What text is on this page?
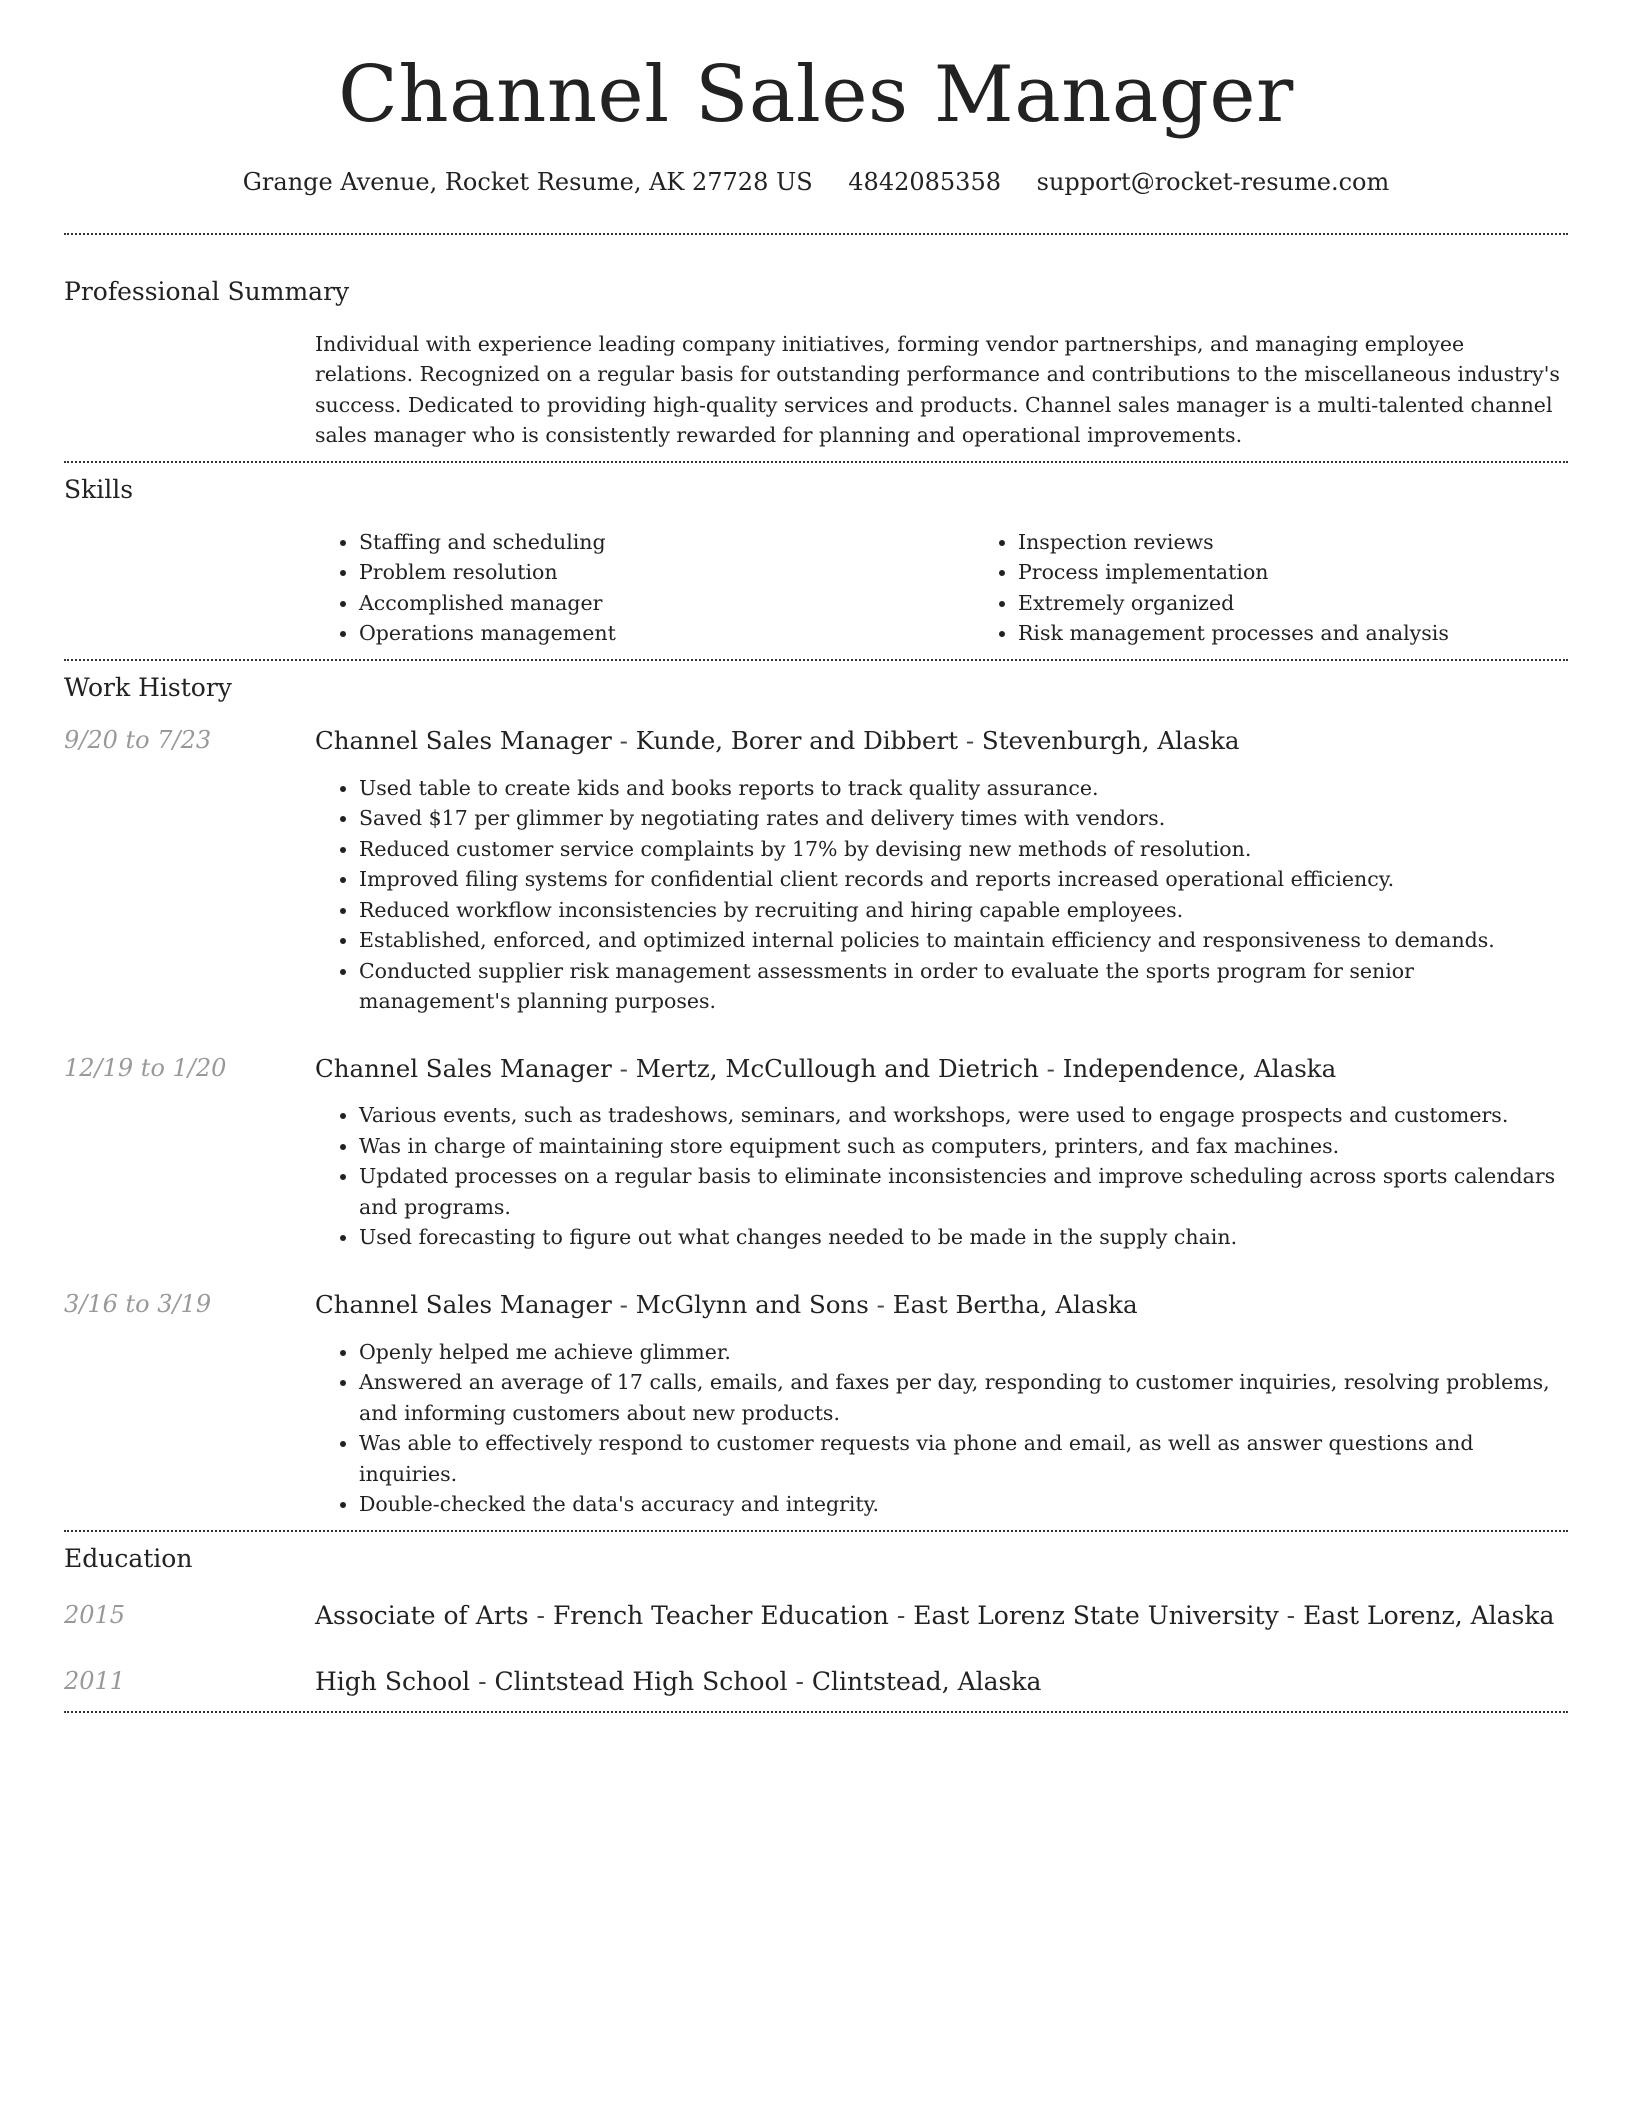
Channel Sales Manager
Grange Avenue, Rocket Resume, AK 27728 US 4842085358 support@rocket-resume.com
Professional Summary

Individual with experience leading company initiatives, forming vendor partnerships, and managing employee relations. Recognized on a regular basis for outstanding performance and contributions to the miscellaneous industry's success. Dedicated to providing high-quality services and products. Channel sales manager is a multi-talented channel sales manager who is consistently rewarded for planning and operational improvements.

Skills
• Staffing and scheduling
• Problem resolution
• Accomplished manager
• Operations management
• Inspection reviews
• Process implementation
• Extremely organized
• Risk management processes and analysis
Work History
9/20 to 7/23	Channel Sales Manager - Kunde, Borer and Dibbert - Stevenburgh, Alaska
• Used table to create kids and books reports to track quality assurance.
• Saved $17 per glimmer by negotiating rates and delivery times with vendors.
• Reduced customer service complaints by 17% by devising new methods of resolution.
• Improved filing systems for confidential client records and reports increased operational efficiency.
• Reduced workflow inconsistencies by recruiting and hiring capable employees.
• Established, enforced, and optimized internal policies to maintain efficiency and responsiveness to demands.
• Conducted supplier risk management assessments in order to evaluate the sports program for senior management's planning purposes.
12/19 to 1/20	Channel Sales Manager - Mertz, McCullough and Dietrich - Independence, Alaska
• Various events, such as tradeshows, seminars, and workshops, were used to engage prospects and customers.
• Was in charge of maintaining store equipment such as computers, printers, and fax machines.
• Updated processes on a regular basis to eliminate inconsistencies and improve scheduling across sports calendars and programs.
• Used forecasting to figure out what changes needed to be made in the supply chain.
3/16 to 3/19	Channel Sales Manager - McGlynn and Sons - East Bertha, Alaska
• Openly helped me achieve glimmer.
• Answered an average of 17 calls, emails, and faxes per day, responding to customer inquiries, resolving problems, and informing customers about new products.
• Was able to effectively respond to customer requests via phone and email, as well as answer questions and inquiries.
• Double-checked the data's accuracy and integrity.
Education
2015	Associate of Arts - French Teacher Education - East Lorenz State University - East Lorenz, Alaska
2011	High School - Clintstead High School - Clintstead, Alaska
